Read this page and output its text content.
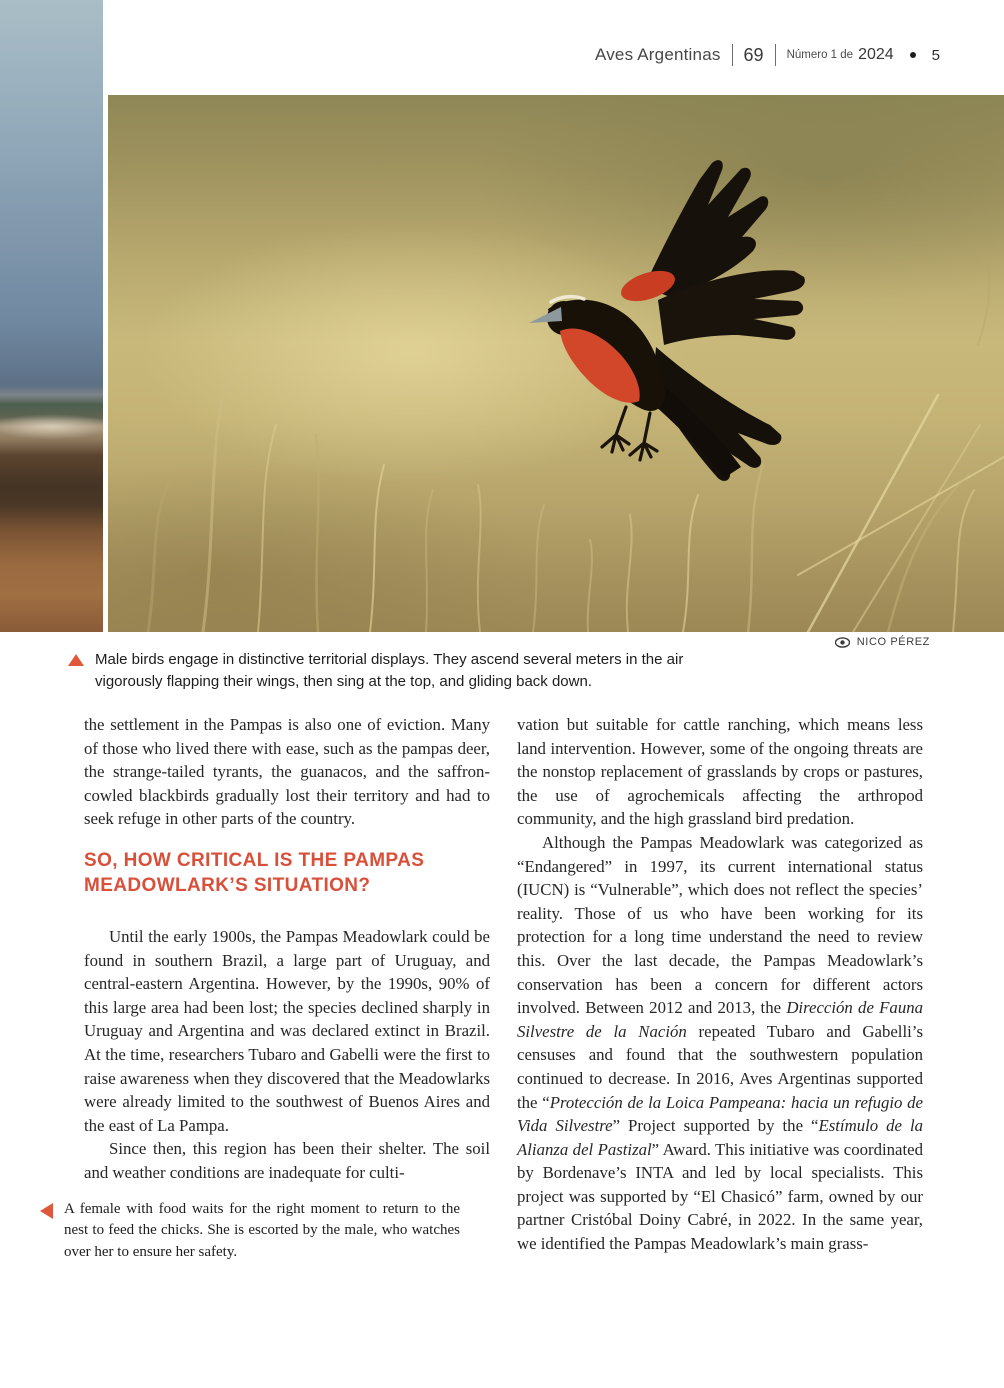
Aves Argentinas 69 Número 1 de 2024	5
NICO PÉREZ

Male birds engage in distinctive territorial displays. They ascend several meters in the air vigorously flapping their wings, then sing at the top, and gliding back down.

the settlement in the Pampas is also one of eviction. Many of those who lived there with ease, such as the pampas deer, the strange-tailed tyrants, the guanacos, and the saffron-cowled blackbirds gradually lost their territory and had to seek refuge in other parts of the country.

SO, HOW CRITICAL IS THE PAMPAS MEADOWLARK’S SITUATION?

Until the early 1900s, the Pampas Meadowlark could be found in southern Brazil, a large part of Uruguay, and central-eastern Argentina. However, by the 1990s, 90% of this large area had been lost; the species declined sharply in Uruguay and Argentina and was declared extinct in Brazil. At the time, researchers Tubaro and Gabelli were the first to raise awareness when they discovered that the Meadowlarks were already limited to the southwest of Buenos Aires and the east of La Pampa.

Since then, this region has been their shelter. The soil and weather conditions are inadequate for culti-

A female with food waits for the right moment to return to the nest to feed the chicks. She is escorted by the male, who watches over her to ensure her safety.

vation but suitable for cattle ranching, which means less land intervention. However, some of the ongoing threats are the nonstop replacement of grasslands by crops or pastures, the use of agrochemicals affecting the arthropod community, and the high grassland bird predation.

Although the Pampas Meadowlark was categorized as “Endangered” in 1997, its current international status (IUCN) is “Vulnerable”, which does not reflect the species’ reality. Those of us who have been working for its protection for a long time understand the need to review this. Over the last decade, the Pampas Meadowlark’s conservation has been a concern for different actors involved. Between 2012 and 2013, the Dirección de Fauna Silvestre de la Nación repeated Tubaro and Gabelli’s censuses and found that the southwestern population continued to decrease. In 2016, Aves Argentinas supported the “Protección de la Loica Pampeana: hacia un refugio de Vida Silvestre” Project supported by the “Estímulo de la Alianza del Pastizal” Award. This initiative was coordinated by Bordenave’s INTA and led by local specialists. This project was supported by “El Chasicó” farm, owned by our partner Cristóbal Doiny Cabré, in 2022. In the same year, we identified the Pampas Meadowlark’s main grass-
